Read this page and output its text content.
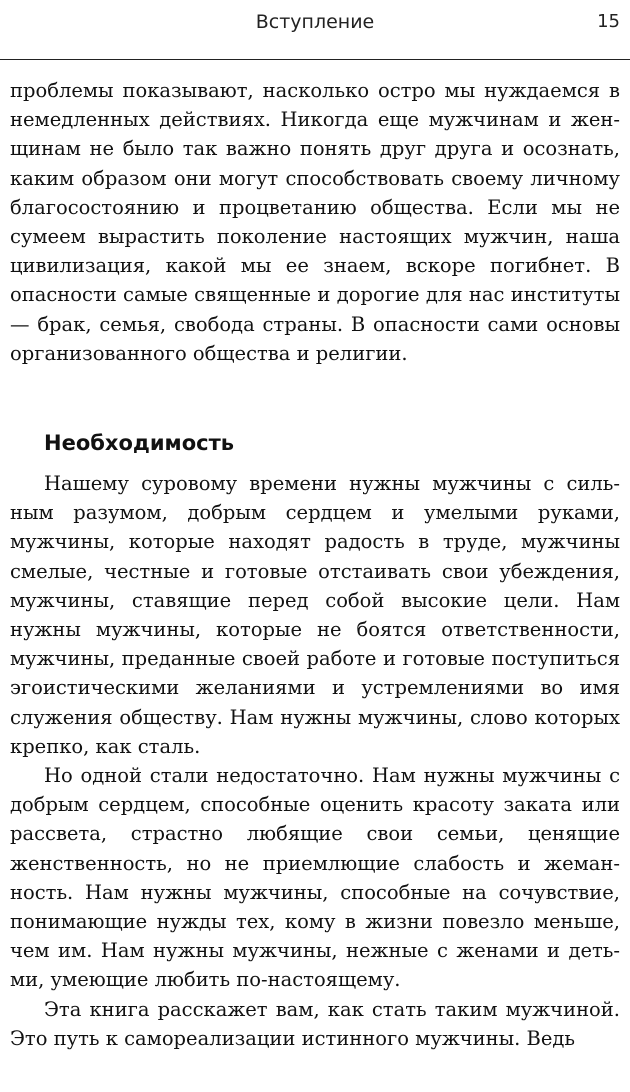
Вступление	15

проблемы показывают, насколько остро мы нуждаемся в немедленных действиях. Никогда еще мужчинам и женщинам не было так важно понять друг друга и осознать, каким образом они могут способствовать своему личному благосостоянию и процветанию общества. Если мы не сумеем вырастить поколение настоящих мужчин, наша цивилизация, какой мы ее знаем, вскоре погибнет. В опасности самые священные и дорогие для нас институты — брак, семья, свобода страны. В опасности сами основы организованного общества и религии.

Необходимость

Нашему суровому времени нужны мужчины с сильным разумом, добрым сердцем и умелыми руками, мужчины, которые находят радость в труде, мужчины смелые, честные и готовые отстаивать свои убеждения, мужчины, ставящие перед собой высокие цели. Нам нужны мужчины, которые не боятся ответственности, мужчины, преданные своей работе и готовые поступиться эгоистическими желаниями и устремлениями во имя служения обществу. Нам нужны мужчины, слово которых крепко, как сталь.

Но одной стали недостаточно. Нам нужны мужчины с добрым сердцем, способные оценить красоту заката или рассвета, страстно любящие свои семьи, ценящие женственность, но не приемлющие слабость и жеманность. Нам нужны мужчины, способные на сочувствие, понимающие нужды тех, кому в жизни повезло меньше, чем им. Нам нужны мужчины, нежные с женами и детьми, умеющие любить по-настоящему.

Эта книга расскажет вам, как стать таким мужчиной. Это путь к самореализации истинного мужчины. Ведь
